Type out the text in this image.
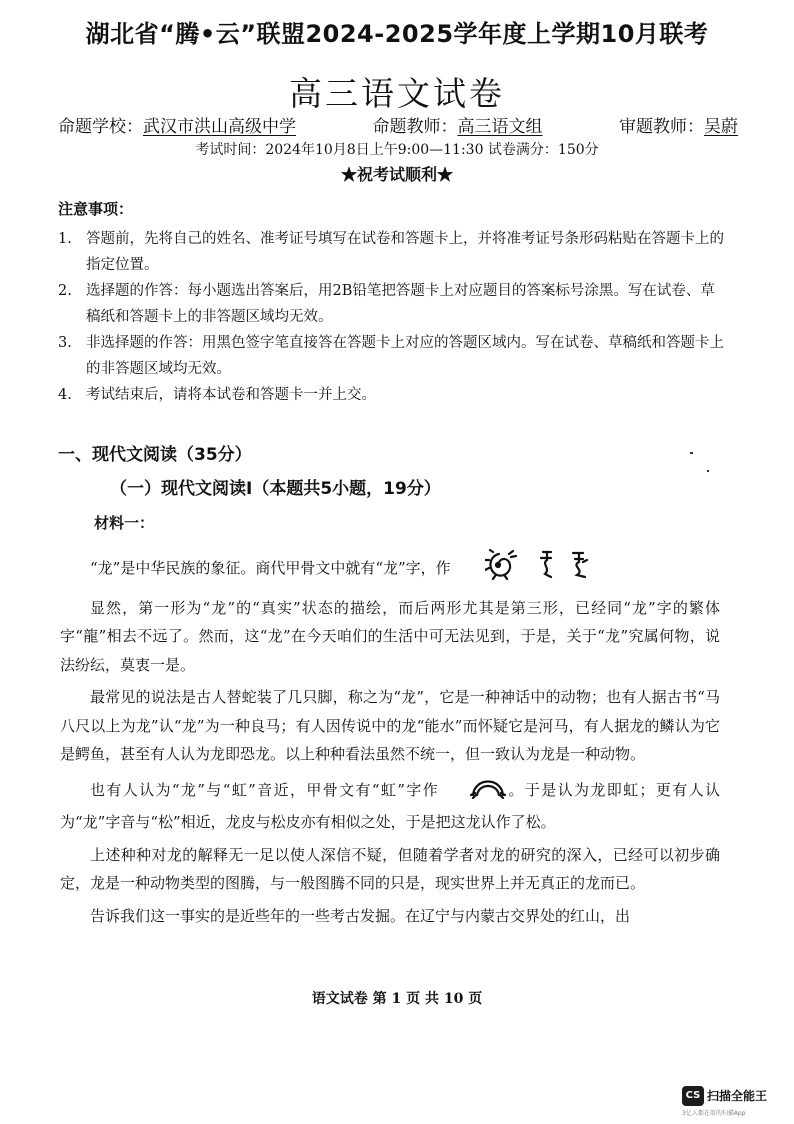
湖北省“腾•云”联盟2024-2025学年度上学期10月联考
高三语文试卷
命题学校：武汉市洪山高级中学	命题教师：高三语文组	审题教师：吴蔚
考试时间：2024年10月8日上午9:00—11:30 试卷满分：150分
★祝考试顺利★
注意事项：
1. 答题前，先将自己的姓名、准考证号填写在试卷和答题卡上，并将准考证号条形码粘贴在答题卡上的指定位置。
2. 选择题的作答：每小题选出答案后，用2B铅笔把答题卡上对应题目的答案标号涂黑。写在试卷、草稿纸和答题卡上的非答题区域均无效。
3. 非选择题的作答：用黑色签字笔直接答在答题卡上对应的答题区域内。写在试卷、草稿纸和答题卡上的非答题区域均无效。
4. 考试结束后，请将本试卷和答题卡一并上交。
一、现代文阅读（35分）
（一）现代文阅读Ⅰ（本题共5小题，19分）
材料一：

“龙”是中华民族的象征。商代甲骨文中就有“龙”字，作

显然，第一形为“龙”的“真实”状态的描绘，而后两形尤其是第三形，已经同“龙”字的繁体字“龍”相去不远了。然而，这“龙”在今天咱们的生活中可无法见到，于是，关于“龙”究属何物，说法纷纭，莫衷一是。

最常见的说法是古人替蛇装了几只脚，称之为“龙”，它是一种神话中的动物；也有人据古书“马八尺以上为龙”认“龙”为一种良马；有人因传说中的龙“能水”而怀疑它是河马，有人据龙的鳞认为它是鳄鱼，甚至有人认为龙即恐龙。以上种种看法虽然不统一，但一致认为龙是一种动物。

也有人认为“龙”与“虹”音近，甲骨文有“虹”字作	。于是认为龙即虹；更有人认为“龙”字音与“松”相近，龙皮与松皮亦有相似之处，于是把这龙认作了松。

上述种种对龙的解释无一足以使人深信不疑，但随着学者对龙的研究的深入，已经可以初步确定，龙是一种动物类型的图腾，与一般图腾不同的只是，现实世界上并无真正的龙而已。

告诉我们这一事实的是近些年的一些考古发掘。在辽宁与内蒙古交界处的红山，出

语文试卷 第 1 页 共 10 页
CS 扫描全能王
3亿人都在用的扫描App
